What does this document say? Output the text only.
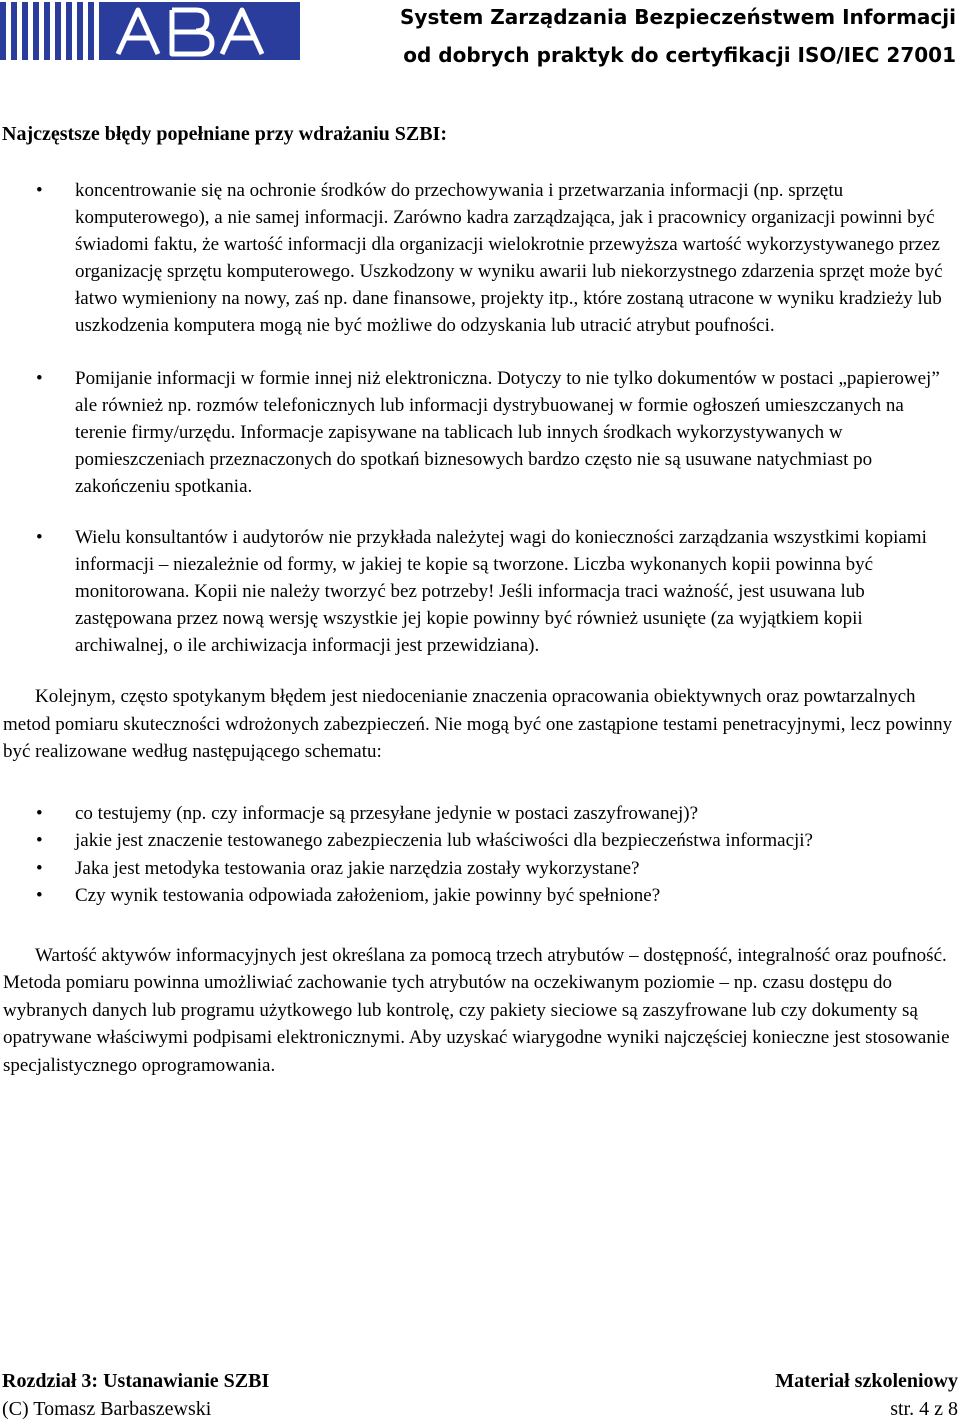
System Zarządzania Bezpieczeństwem Informacji
od dobrych praktyk do certyfikacji ISO/IEC 27001
Najczęstsze błędy popełniane przy wdrażaniu SZBI:
• koncentrowanie się na ochronie środków do przechowywania i przetwarzania informacji (np. sprzętu komputerowego), a nie samej informacji. Zarówno kadra zarządzająca, jak i pracownicy organizacji powinni być świadomi faktu, że wartość informacji dla organizacji wielokrotnie przewyższa wartość wykorzystywanego przez organizację sprzętu komputerowego. Uszkodzony w wyniku awarii lub niekorzystnego zdarzenia sprzęt może być łatwo wymieniony na nowy, zaś np. dane finansowe, projekty itp., które zostaną utracone w wyniku kradzieży lub uszkodzenia komputera mogą nie być możliwe do odzyskania lub utracić atrybut poufności.
• Pomijanie informacji w formie innej niż elektroniczna. Dotyczy to nie tylko dokumentów w postaci „papierowej” ale również np. rozmów telefonicznych lub informacji dystrybuowanej w formie ogłoszeń umieszczanych na terenie firmy/urzędu. Informacje zapisywane na tablicach lub innych środkach wykorzystywanych w pomieszczeniach przeznaczonych do spotkań biznesowych bardzo często nie są usuwane natychmiast po zakończeniu spotkania.
• Wielu konsultantów i audytorów nie przykłada należytej wagi do konieczności zarządzania wszystkimi kopiami informacji – niezależnie od formy, w jakiej te kopie są tworzone. Liczba wykonanych kopii powinna być monitorowana. Kopii nie należy tworzyć bez potrzeby! Jeśli informacja traci ważność, jest usuwana lub zastępowana przez nową wersję wszystkie jej kopie powinny być również usunięte (za wyjątkiem kopii archiwalnej, o ile archiwizacja informacji jest przewidziana).

Kolejnym, często spotykanym błędem jest niedocenianie znaczenia opracowania obiektywnych oraz powtarzalnych metod pomiaru skuteczności wdrożonych zabezpieczeń. Nie mogą być one zastąpione testami penetracyjnymi, lecz powinny być realizowane według następującego schematu:

• co testujemy (np. czy informacje są przesyłane jedynie w postaci zaszyfrowanej)?
• jakie jest znaczenie testowanego zabezpieczenia lub właściwości dla bezpieczeństwa informacji?
• Jaka jest metodyka testowania oraz jakie narzędzia zostały wykorzystane?
• Czy wynik testowania odpowiada założeniom, jakie powinny być spełnione?

Wartość aktywów informacyjnych jest określana za pomocą trzech atrybutów – dostępność, integralność oraz poufność. Metoda pomiaru powinna umożliwiać zachowanie tych atrybutów na oczekiwanym poziomie – np. czasu dostępu do wybranych danych lub programu użytkowego lub kontrolę, czy pakiety sieciowe są zaszyfrowane lub czy dokumenty są opatrywane właściwymi podpisami elektronicznymi. Aby uzyskać wiarygodne wyniki najczęściej konieczne jest stosowanie specjalistycznego oprogramowania.

Rozdział 3: Ustanawianie SZBI	Materiał szkoleniowy
(C) Tomasz Barbaszewski	str. 4 z 8
